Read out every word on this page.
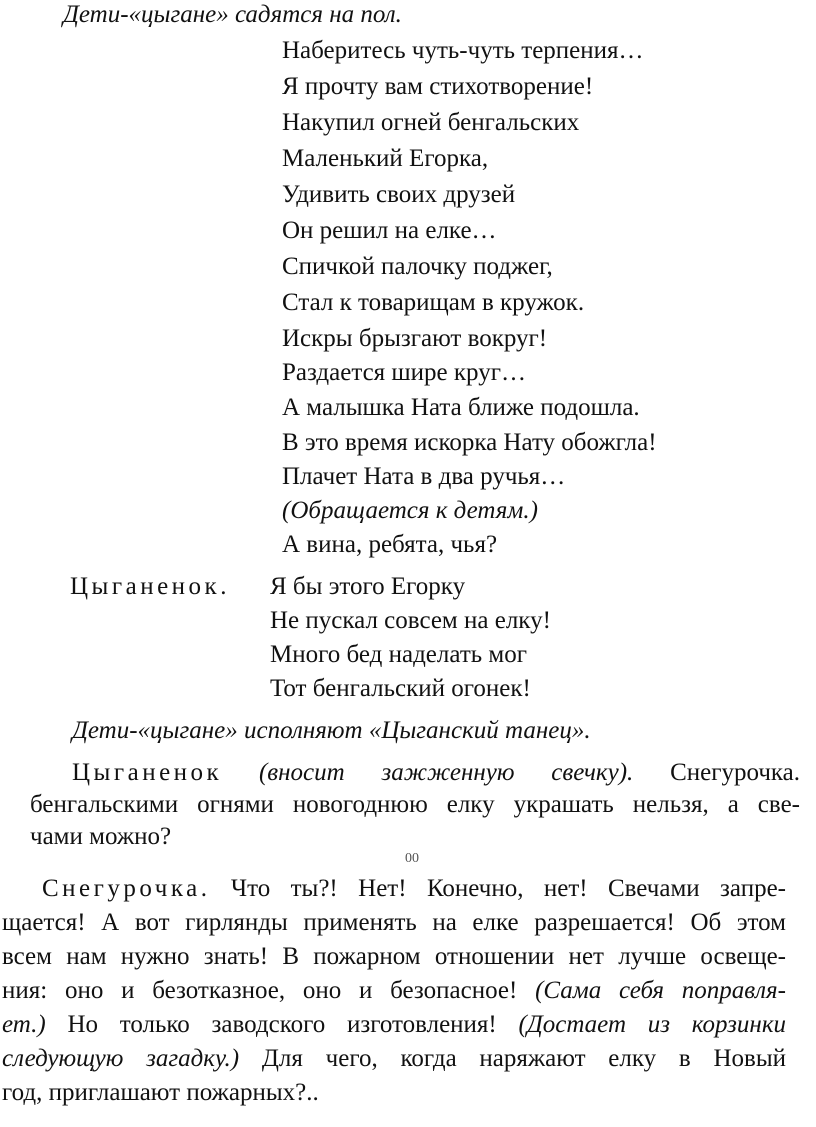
Дети-«цыгане» садятся на пол.
Наберитесь чуть-чуть терпения…
Я прочту вам стихотворение!
Накупил огней бенгальских
Маленький Егорка,
Удивить своих друзей
Он решил на елке…
Спичкой палочку поджег,
Стал к товарищам в кружок.
Искры брызгают вокруг!
Раздается шире круг…
А малышка Ната ближе подошла.
В это время искорка Нату обожгла!
Плачет Ната в два ручья…
(Обращается к детям.)
А вина, ребята, чья?
Цыганенок. Я бы этого Егорку
Не пускал совсем на елку!
Много бед наделать мог
Тот бенгальский огонек!
Дети-«цыгане» исполняют «Цыганский танец».
Цыганенок (вносит зажженную свечку). Снегурочка.
бенгальскими огнями новогоднюю елку украшать нельзя, а све-
чами можно?
00
Снегурочка. Что ты?! Нет! Конечно, нет! Свечами запре-
щается! А вот гирлянды применять на елке разрешается! Об этом
всем нам нужно знать! В пожарном отношении нет лучше освеще-
ния: оно и безотказное, оно и безопасное! (Сама себя поправля-
ет.) Но только заводского изготовления! (Достает из корзинки
следующую загадку.) Для чего, когда наряжают елку в Новый
год, приглашают пожарных?..
